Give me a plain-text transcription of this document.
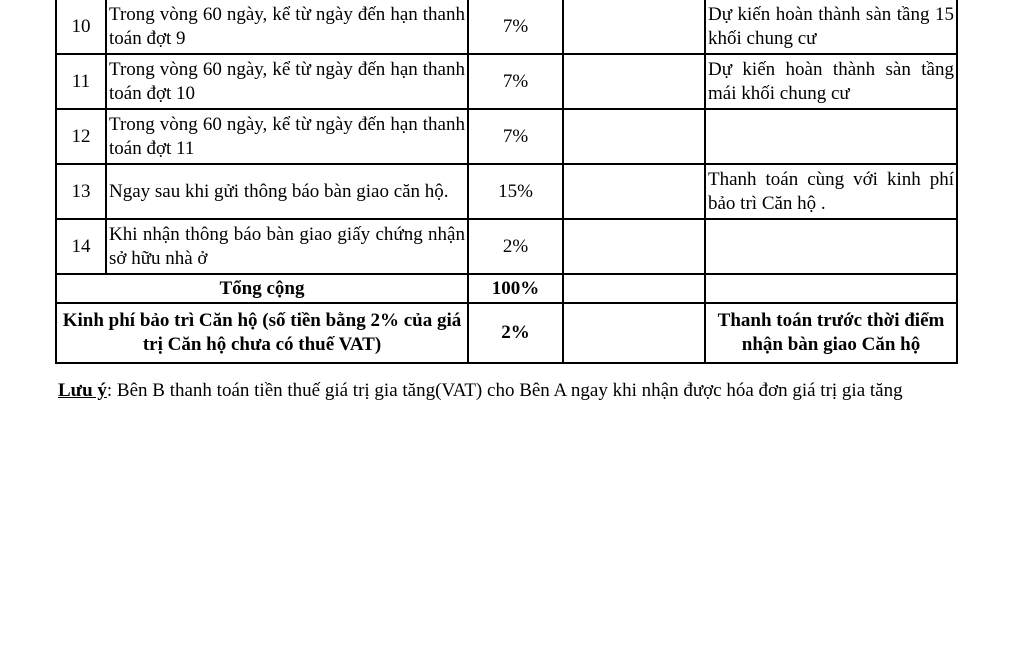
10	Trong vòng 60 ngày, kể từ ngày đến hạn thanh toán đợt 9	7%		Dự kiến hoàn thành sàn tầng 15 khối chung cư
11	Trong vòng 60 ngày, kể từ ngày đến hạn thanh toán đợt 10	7%		Dự kiến hoàn thành sàn tầng mái khối chung cư
12	Trong vòng 60 ngày, kể từ ngày đến hạn thanh toán đợt 11	7%		
13	Ngay sau khi gửi thông báo bàn giao căn hộ.	15%		Thanh toán cùng với kinh phí bảo trì Căn hộ .
14	Khi nhận thông báo bàn giao giấy chứng nhận sở hữu nhà ở	2%		
Tổng cộng		100%		
Kinh phí bảo trì Căn hộ (số tiền bằng 2% của giá trị Căn hộ chưa có thuế VAT)		2%		Thanh toán trước thời điểm nhận bàn giao Căn hộ
Lưu ý: Bên B thanh toán tiền thuế giá trị gia tăng(VAT) cho Bên A ngay khi nhận được hóa đơn giá trị gia tăng
